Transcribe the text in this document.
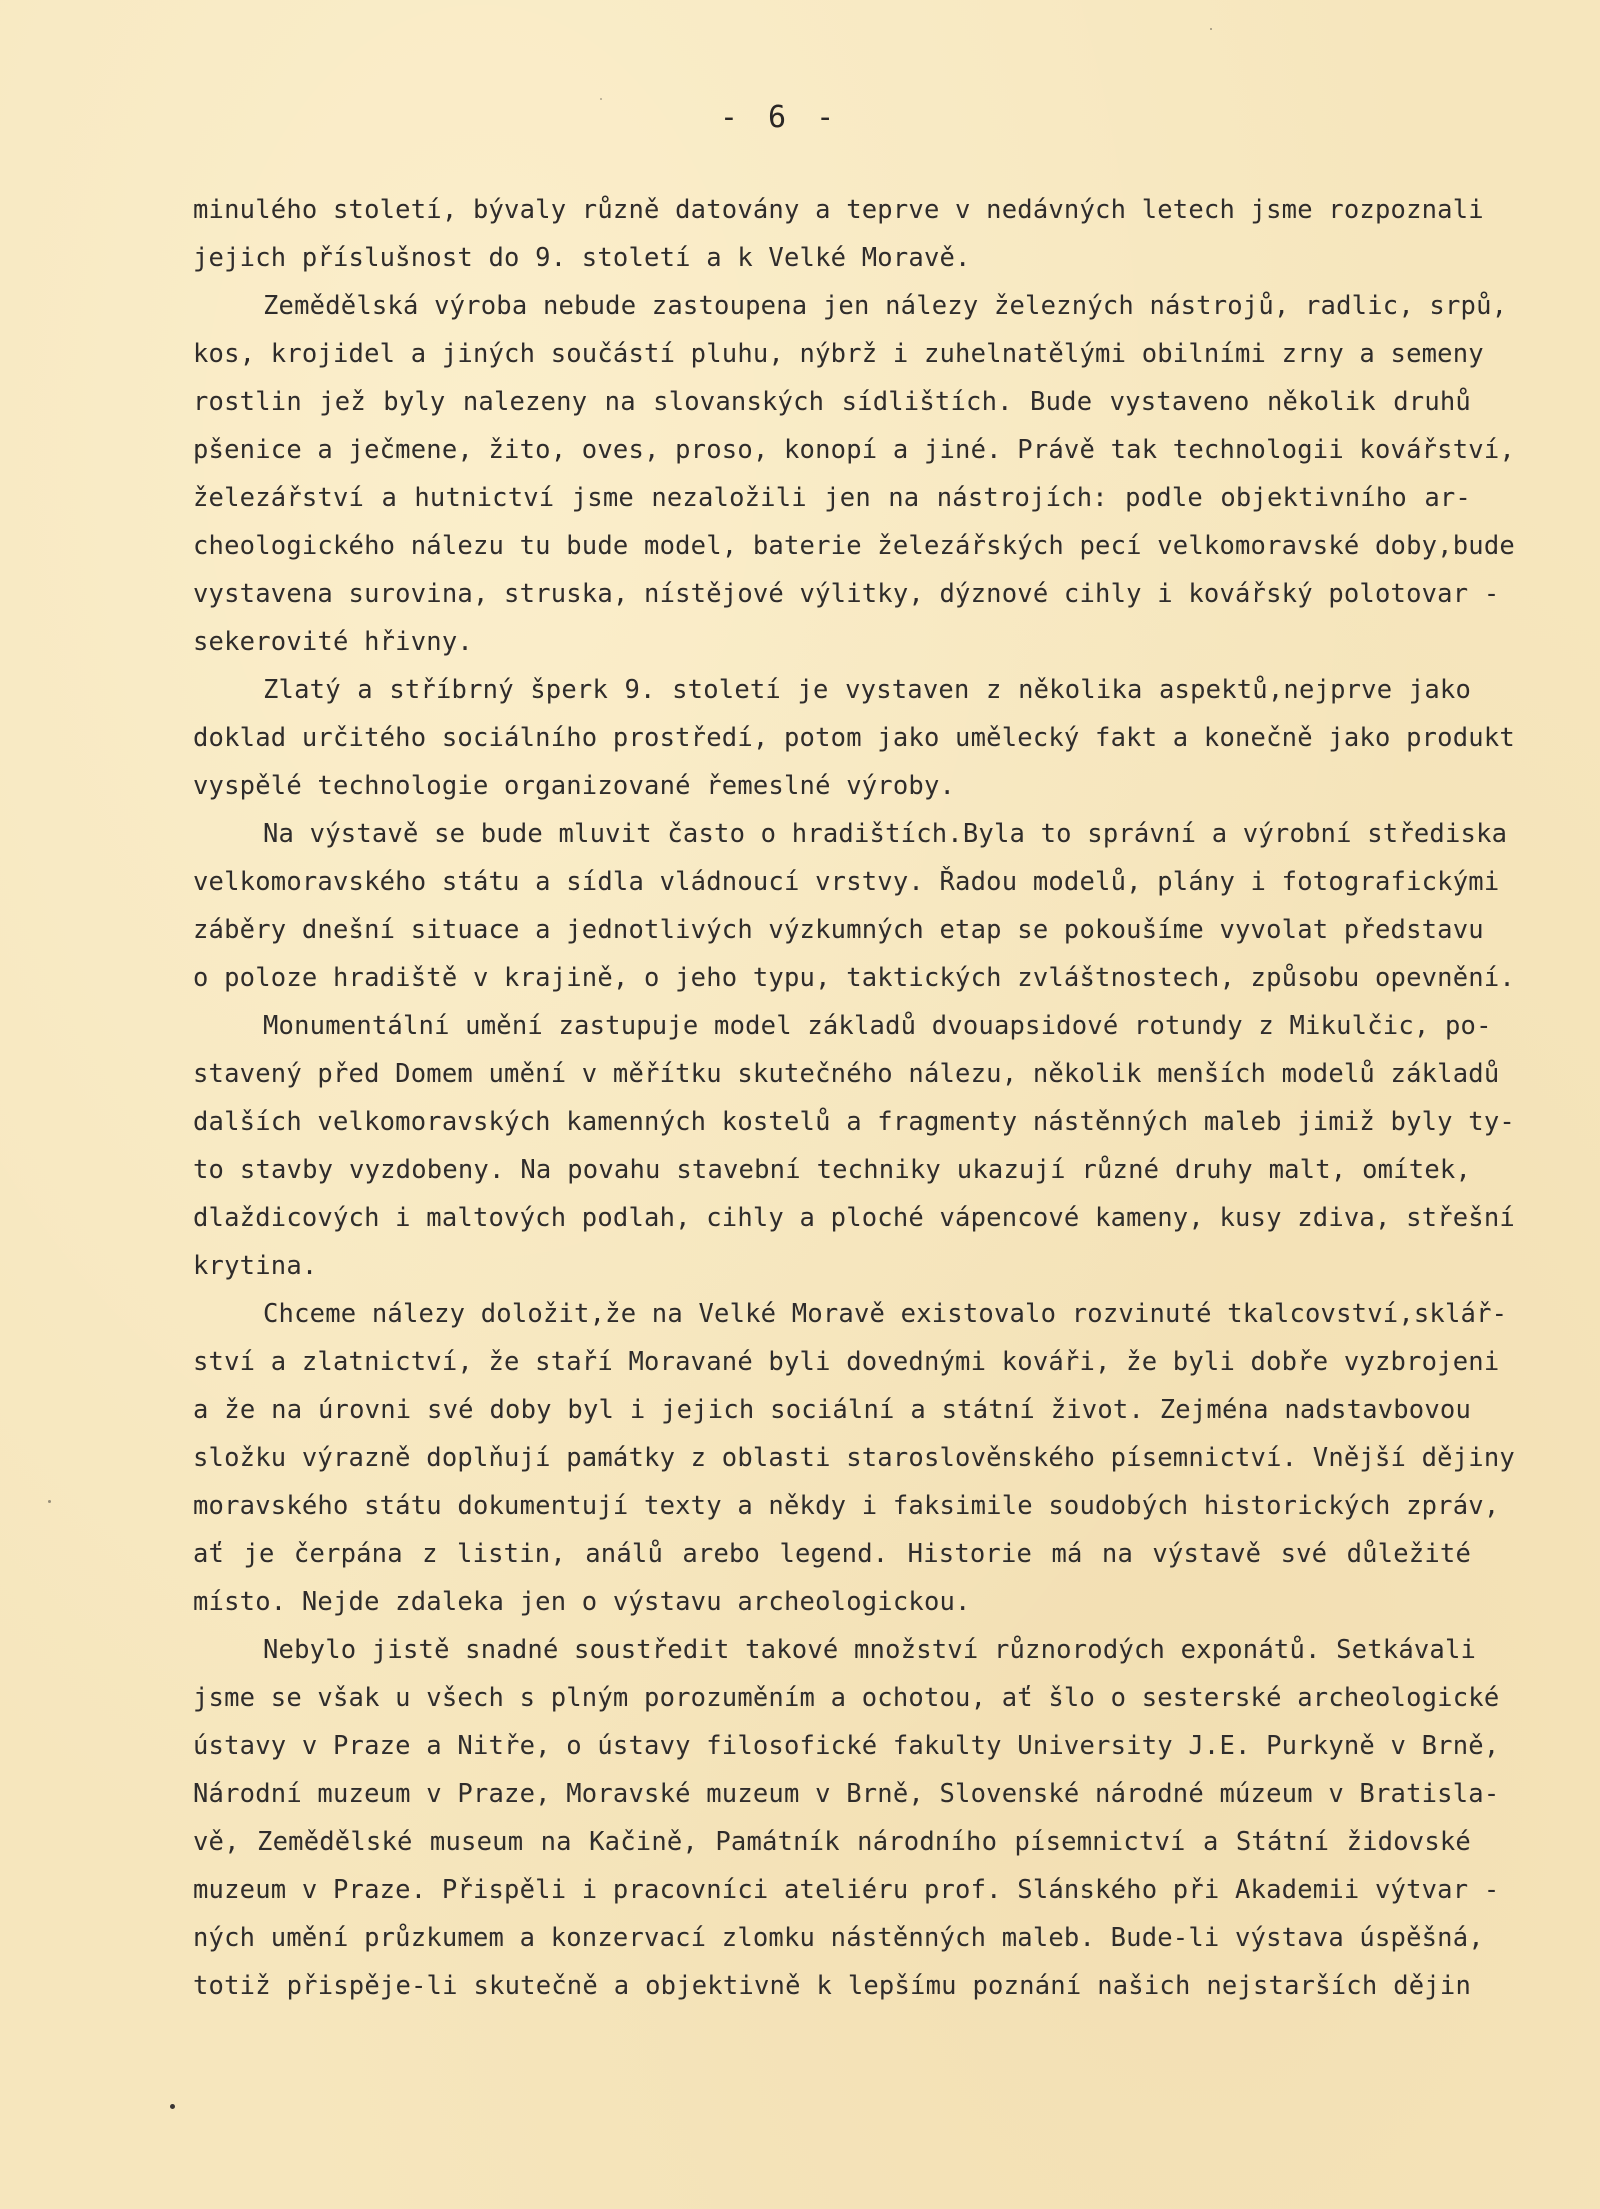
- 6 -
minulého století, bývaly různě datovány a teprve v nedávných letech jsme rozpoznali
jejich příslušnost do 9. století a k Velké Moravě.
Zemědělská výroba nebude zastoupena jen nálezy železných nástrojů, radlic, srpů,
kos, krojidel a jiných součástí pluhu, nýbrž i zuhelnatělými obilními zrny a semeny
rostlin jež byly nalezeny na slovanských sídlištích. Bude vystaveno několik druhů
pšenice a ječmene, žito, oves, proso, konopí a jiné. Právě tak technologii kovářství,
železářství a hutnictví jsme nezaložili jen na nástrojích: podle objektivního ar-
cheologického nálezu tu bude model, baterie železářských pecí velkomoravské doby,bude
vystavena surovina, struska, nístějové výlitky, dýznové cihly i kovářský polotovar -
sekerovité hřivny.
Zlatý a stříbrný šperk 9. století je vystaven z několika aspektů,nejprve jako
doklad určitého sociálního prostředí, potom jako umělecký fakt a konečně jako produkt
vyspělé technologie organizované řemeslné výroby.
Na výstavě se bude mluvit často o hradištích.Byla to správní a výrobní střediska
velkomoravského státu a sídla vládnoucí vrstvy. Řadou modelů, plány i fotografickými
záběry dnešní situace a jednotlivých výzkumných etap se pokoušíme vyvolat představu
o poloze hradiště v krajině, o jeho typu, taktických zvláštnostech, způsobu opevnění.
Monumentální umění zastupuje model základů dvouapsidové rotundy z Mikulčic, po-
stavený před Domem umění v měřítku skutečného nálezu, několik menších modelů základů
dalších velkomoravských kamenných kostelů a fragmenty nástěnných maleb jimiž byly ty-
to stavby vyzdobeny. Na povahu stavební techniky ukazují různé druhy malt, omítek,
dlaždicových i maltových podlah, cihly a ploché vápencové kameny, kusy zdiva, střešní
krytina.
Chceme nálezy doložit,že na Velké Moravě existovalo rozvinuté tkalcovství,sklář-
ství a zlatnictví, že staří Moravané byli dovednými kováři, že byli dobře vyzbrojeni
a že na úrovni své doby byl i jejich sociální a státní život. Zejména nadstavbovou
složku výrazně doplňují památky z oblasti staroslověnského písemnictví. Vnější dějiny
moravského státu dokumentují texty a někdy i faksimile soudobých historických zpráv,
ať je čerpána z listin, análů arebo legend. Historie má na výstavě své důležité
místo. Nejde zdaleka jen o výstavu archeologickou.
Nebylo jistě snadné soustředit takové množství různorodých exponátů. Setkávali
jsme se však u všech s plným porozuměním a ochotou, ať šlo o sesterské archeologické
ústavy v Praze a Nitře, o ústavy filosofické fakulty University J.E. Purkyně v Brně,
Národní muzeum v Praze, Moravské muzeum v Brně, Slovenské národné múzeum v Bratisla-
vě, Zemědělské museum na Kačině, Památník národního písemnictví a Státní židovské
muzeum v Praze. Přispěli i pracovníci ateliéru prof. Slánského při Akademii výtvar -
ných umění průzkumem a konzervací zlomku nástěnných maleb. Bude-li výstava úspěšná,
totiž přispěje-li skutečně a objektivně k lepšímu poznání našich nejstarších dějin
